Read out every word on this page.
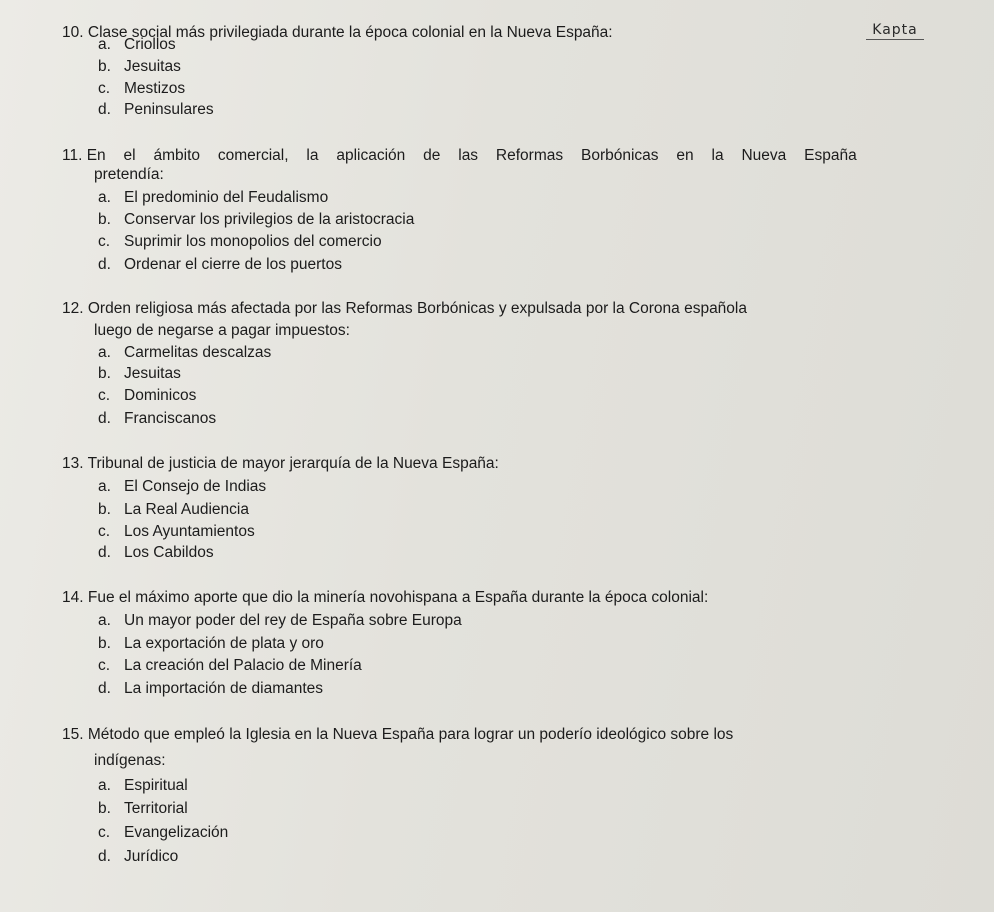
Kapta
10. Clase social más privilegiada durante la época colonial en la Nueva España:
a. Criollos
b. Jesuitas
c. Mestizos
d. Peninsulares
11. En el ámbito comercial, la aplicación de las Reformas Borbónicas en la Nueva España
pretendía:
a. El predominio del Feudalismo
b. Conservar los privilegios de la aristocracia
c. Suprimir los monopolios del comercio
d. Ordenar el cierre de los puertos
12. Orden religiosa más afectada por las Reformas Borbónicas y expulsada por la Corona española
luego de negarse a pagar impuestos:
a. Carmelitas descalzas
b. Jesuitas
c. Dominicos
d. Franciscanos
13. Tribunal de justicia de mayor jerarquía de la Nueva España:
a. El Consejo de Indias
b. La Real Audiencia
c. Los Ayuntamientos
d. Los Cabildos
14. Fue el máximo aporte que dio la minería novohispana a España durante la época colonial:
a. Un mayor poder del rey de España sobre Europa
b. La exportación de plata y oro
c. La creación del Palacio de Minería
d. La importación de diamantes
15. Método que empleó la Iglesia en la Nueva España para lograr un poderío ideológico sobre los
indígenas:
a. Espiritual
b. Territorial
c. Evangelización
d. Jurídico
